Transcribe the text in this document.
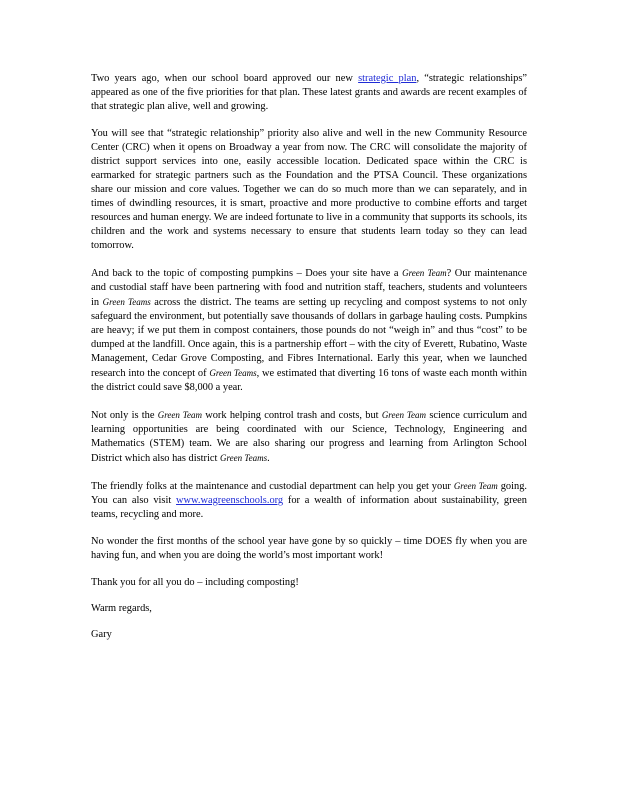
Two years ago, when our school board approved our new strategic plan, “strategic relationships” appeared as one of the five priorities for that plan. These latest grants and awards are recent examples of that strategic plan alive, well and growing.

You will see that “strategic relationship” priority also alive and well in the new Community Resource Center (CRC) when it opens on Broadway a year from now. The CRC will consolidate the majority of district support services into one, easily accessible location. Dedicated space within the CRC is earmarked for strategic partners such as the Foundation and the PTSA Council. These organizations share our mission and core values. Together we can do so much more than we can separately, and in times of dwindling resources, it is smart, proactive and more productive to combine efforts and target resources and human energy. We are indeed fortunate to live in a community that supports its schools, its children and the work and systems necessary to ensure that students learn today so they can lead tomorrow.

And back to the topic of composting pumpkins – Does your site have a Green Team? Our maintenance and custodial staff have been partnering with food and nutrition staff, teachers, students and volunteers in Green Teams across the district. The teams are setting up recycling and compost systems to not only safeguard the environment, but potentially save thousands of dollars in garbage hauling costs. Pumpkins are heavy; if we put them in compost containers, those pounds do not “weigh in” and thus “cost” to be dumped at the landfill. Once again, this is a partnership effort – with the city of Everett, Rubatino, Waste Management, Cedar Grove Composting, and Fibres International. Early this year, when we launched research into the concept of Green Teams, we estimated that diverting 16 tons of waste each month within the district could save $8,000 a year.

Not only is the Green Team work helping control trash and costs, but Green Team science curriculum and learning opportunities are being coordinated with our Science, Technology, Engineering and Mathematics (STEM) team. We are also sharing our progress and learning from Arlington School District which also has district Green Teams.

The friendly folks at the maintenance and custodial department can help you get your Green Team going. You can also visit www.wagreenschools.org for a wealth of information about sustainability, green teams, recycling and more.

No wonder the first months of the school year have gone by so quickly – time DOES fly when you are having fun, and when you are doing the world’s most important work!

Thank you for all you do – including composting!

Warm regards,

Gary
